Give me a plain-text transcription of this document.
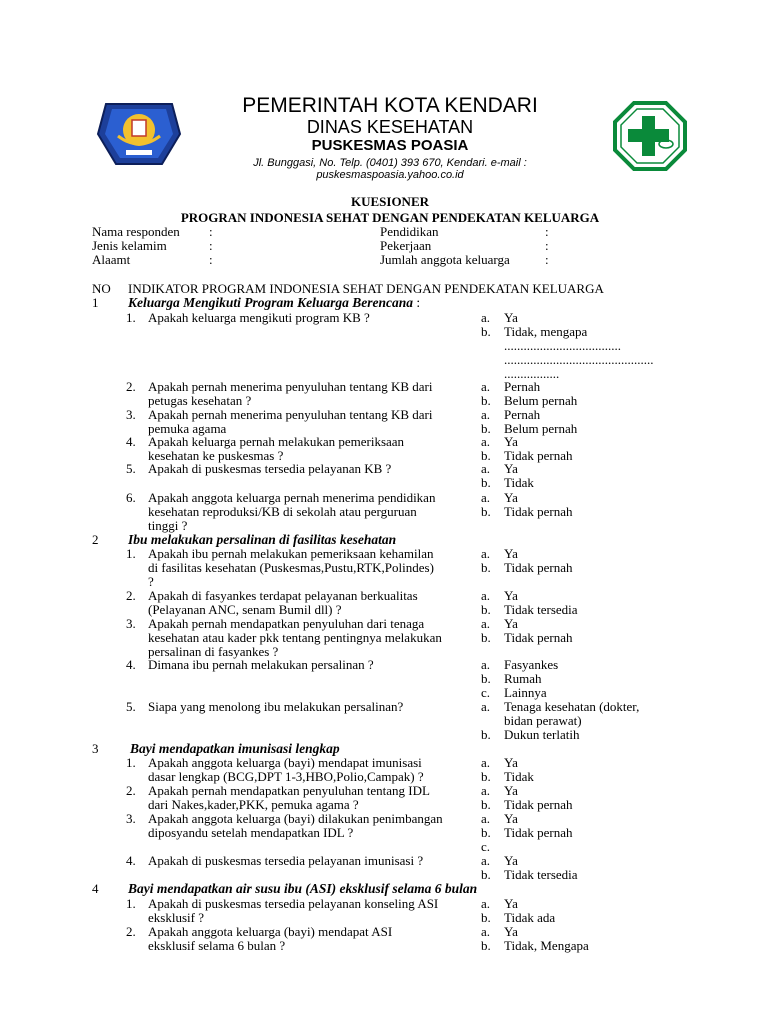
PEMERINTAH KOTA KENDARI
DINAS KESEHATAN
PUSKESMAS POASIA
Jl. Bunggasi, No. Telp. (0401) 393 670, Kendari. e-mail :
puskesmaspoasia.yahoo.co.id
KUESIONER
PROGRAN INDONESIA SEHAT DENGAN PENDEKATAN KELUARGA
Nama responden :	Pendidikan	:
Jenis kelamim	:	Pekerjaan	:
Alaamt	:	Jumlah anggota keluarga	:
NO INDIKATOR PROGRAM INDONESIA SEHAT DENGAN PENDEKATAN KELUARGA
1 Keluarga Mengikuti Program Keluarga Berencana :
1. Apakah keluarga mengikuti program KB ?	a. Ya
b. Tidak, mengapa
....................................
..............................................
.................
2. Apakah pernah menerima penyuluhan tentang KB dari
petugas kesehatan ?
a. Pernah
b. Belum pernah
3. Apakah pernah menerima penyuluhan tentang KB dari
pemuka agama
a. Pernah
b. Belum pernah
4. Apakah keluarga pernah melakukan pemeriksaan
kesehatan ke puskesmas ?
a. Ya
b. Tidak pernah
5. Apakah di puskesmas tersedia pelayanan KB ?	a. Ya
b. Tidak
6. Apakah anggota keluarga pernah menerima pendidikan
kesehatan reproduksi/KB di sekolah atau perguruan
tinggi ?
a. Ya
b. Tidak pernah
2 Ibu melakukan persalinan di fasilitas kesehatan
1. Apakah ibu pernah melakukan pemeriksaan kehamilan
di fasilitas kesehatan (Puskesmas,Pustu,RTK,Polindes)
?
a. Ya
b. Tidak pernah
2. Apakah di fasyankes terdapat pelayanan berkualitas
(Pelayanan ANC, senam Bumil dll) ?
a. Ya
b. Tidak tersedia
3. Apakah pernah mendapatkan penyuluhan dari tenaga
kesehatan atau kader pkk tentang pentingnya melakukan
persalinan di fasyankes ?
a. Ya
b. Tidak pernah
4. Dimana ibu pernah melakukan persalinan ?	a. Fasyankes
b. Rumah
c. Lainnya
5. Siapa yang menolong ibu melakukan persalinan?	a. Tenaga kesehatan (dokter,
bidan perawat)
b. Dukun terlatih
3 Bayi mendapatkan imunisasi lengkap
1. Apakah anggota keluarga (bayi) mendapat imunisasi
dasar lengkap (BCG,DPT 1-3,HBO,Polio,Campak) ?
a. Ya
b. Tidak
2. Apakah pernah mendapatkan penyuluhan tentang IDL
dari Nakes,kader,PKK, pemuka agama ?
a. Ya
b. Tidak pernah
3. Apakah anggota keluarga (bayi) dilakukan penimbangan
diposyandu setelah mendapatkan IDL ?
a. Ya
b. Tidak pernah
c.
4. Apakah di puskesmas tersedia pelayanan imunisasi ?	a. Ya
b. Tidak tersedia
4 Bayi mendapatkan air susu ibu (ASI) eksklusif selama 6 bulan
1. Apakah di puskesmas tersedia pelayanan konseling ASI
eksklusif ?
a. Ya
b. Tidak ada
2. Apakah anggota keluarga (bayi) mendapat ASI
eksklusif selama 6 bulan ?
a. Ya
b. Tidak, Mengapa
